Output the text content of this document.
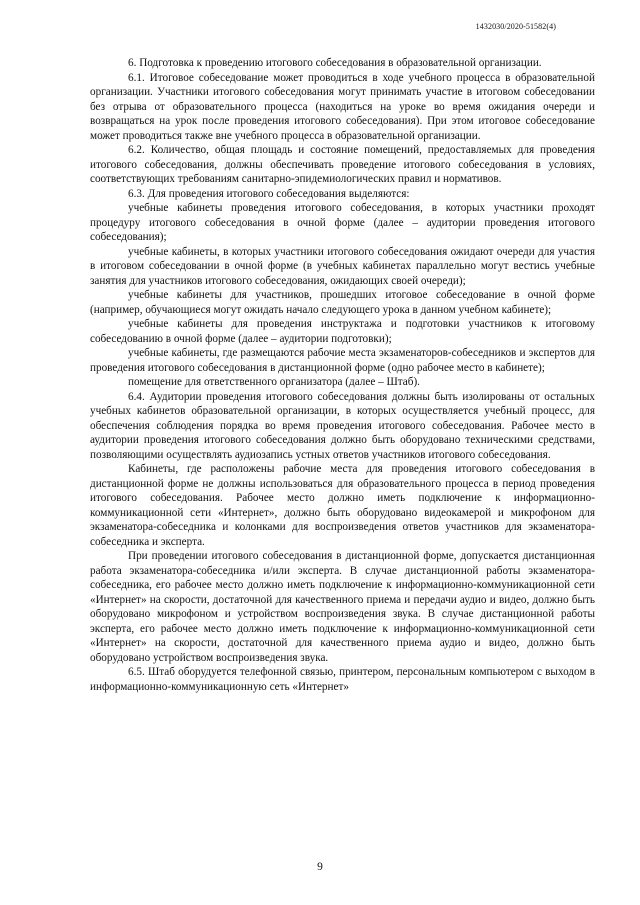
1432030/2020-51582(4)

6. Подготовка к проведению итогового собеседования в образовательной организации.

6.1. Итоговое собеседование может проводиться в ходе учебного процесса в образовательной организации. Участники итогового собеседования могут принимать участие в итоговом собеседовании без отрыва от образовательного процесса (находиться на уроке во время ожидания очереди и возвращаться на урок после проведения итогового собеседования). При этом итоговое собеседование может проводиться также вне учебного процесса в образовательной организации.

6.2. Количество, общая площадь и состояние помещений, предоставляемых для проведения итогового собеседования, должны обеспечивать проведение итогового собеседования в условиях, соответствующих требованиям санитарно-эпидемиологических правил и нормативов.

6.3. Для проведения итогового собеседования выделяются:

учебные кабинеты проведения итогового собеседования, в которых участники проходят процедуру итогового собеседования в очной форме (далее – аудитории проведения итогового собеседования);

учебные кабинеты, в которых участники итогового собеседования ожидают очереди для участия в итоговом собеседовании в очной форме (в учебных кабинетах параллельно могут вестись учебные занятия для участников итогового собеседования, ожидающих своей очереди);

учебные кабинеты для участников, прошедших итоговое собеседование в очной форме (например, обучающиеся могут ожидать начало следующего урока в данном учебном кабинете);

учебные кабинеты для проведения инструктажа и подготовки участников к итоговому собеседованию в очной форме (далее – аудитории подготовки);

учебные кабинеты, где размещаются рабочие места экзаменаторов-собеседников и экспертов для проведения итогового собеседования в дистанционной форме (одно рабочее место в кабинете);

помещение для ответственного организатора (далее – Штаб).

6.4. Аудитории проведения итогового собеседования должны быть изолированы от остальных учебных кабинетов образовательной организации, в которых осуществляется учебный процесс, для обеспечения соблюдения порядка во время проведения итогового собеседования. Рабочее место в аудитории проведения итогового собеседования должно быть оборудовано техническими средствами, позволяющими осуществлять аудиозапись устных ответов участников итогового собеседования.

Кабинеты, где расположены рабочие места для проведения итогового собеседования в дистанционной форме не должны использоваться для образовательного процесса в период проведения итогового собеседования. Рабочее место должно иметь подключение к информационно-коммуникационной сети «Интернет», должно быть оборудовано видеокамерой и микрофоном для экзаменатора-собеседника и колонками для воспроизведения ответов участников для экзаменатора-собеседника и эксперта.

При проведении итогового собеседования в дистанционной форме, допускается дистанционная работа экзаменатора-собеседника и/или эксперта. В случае дистанционной работы экзаменатора-собеседника, его рабочее место должно иметь подключение к информационно-коммуникационной сети «Интернет» на скорости, достаточной для качественного приема и передачи аудио и видео, должно быть оборудовано микрофоном и устройством воспроизведения звука. В случае дистанционной работы эксперта, его рабочее место должно иметь подключение к информационно-коммуникационной сети «Интернет» на скорости, достаточной для качественного приема аудио и видео, должно быть оборудовано устройством воспроизведения звука.

6.5. Штаб оборудуется телефонной связью, принтером, персональным компьютером с выходом в информационно-коммуникационную сеть «Интернет»

9
